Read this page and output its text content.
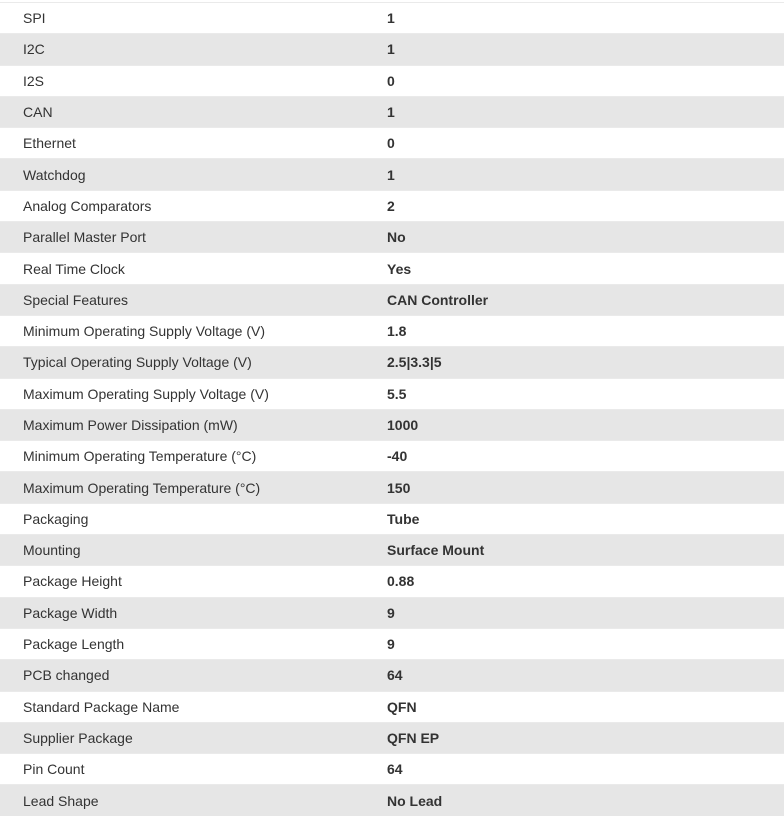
SPI	1
I2C	1
I2S	0
CAN	1
Ethernet	0
Watchdog	1
Analog Comparators	2
Parallel Master Port	No
Real Time Clock	Yes
Special Features	CAN Controller
Minimum Operating Supply Voltage (V)	1.8
Typical Operating Supply Voltage (V)	2.5|3.3|5
Maximum Operating Supply Voltage (V)	5.5
Maximum Power Dissipation (mW)	1000
Minimum Operating Temperature (°C)	-40
Maximum Operating Temperature (°C)	150
Packaging	Tube
Mounting	Surface Mount
Package Height	0.88
Package Width	9
Package Length	9
PCB changed	64
Standard Package Name	QFN
Supplier Package	QFN EP
Pin Count	64
Lead Shape	No Lead
